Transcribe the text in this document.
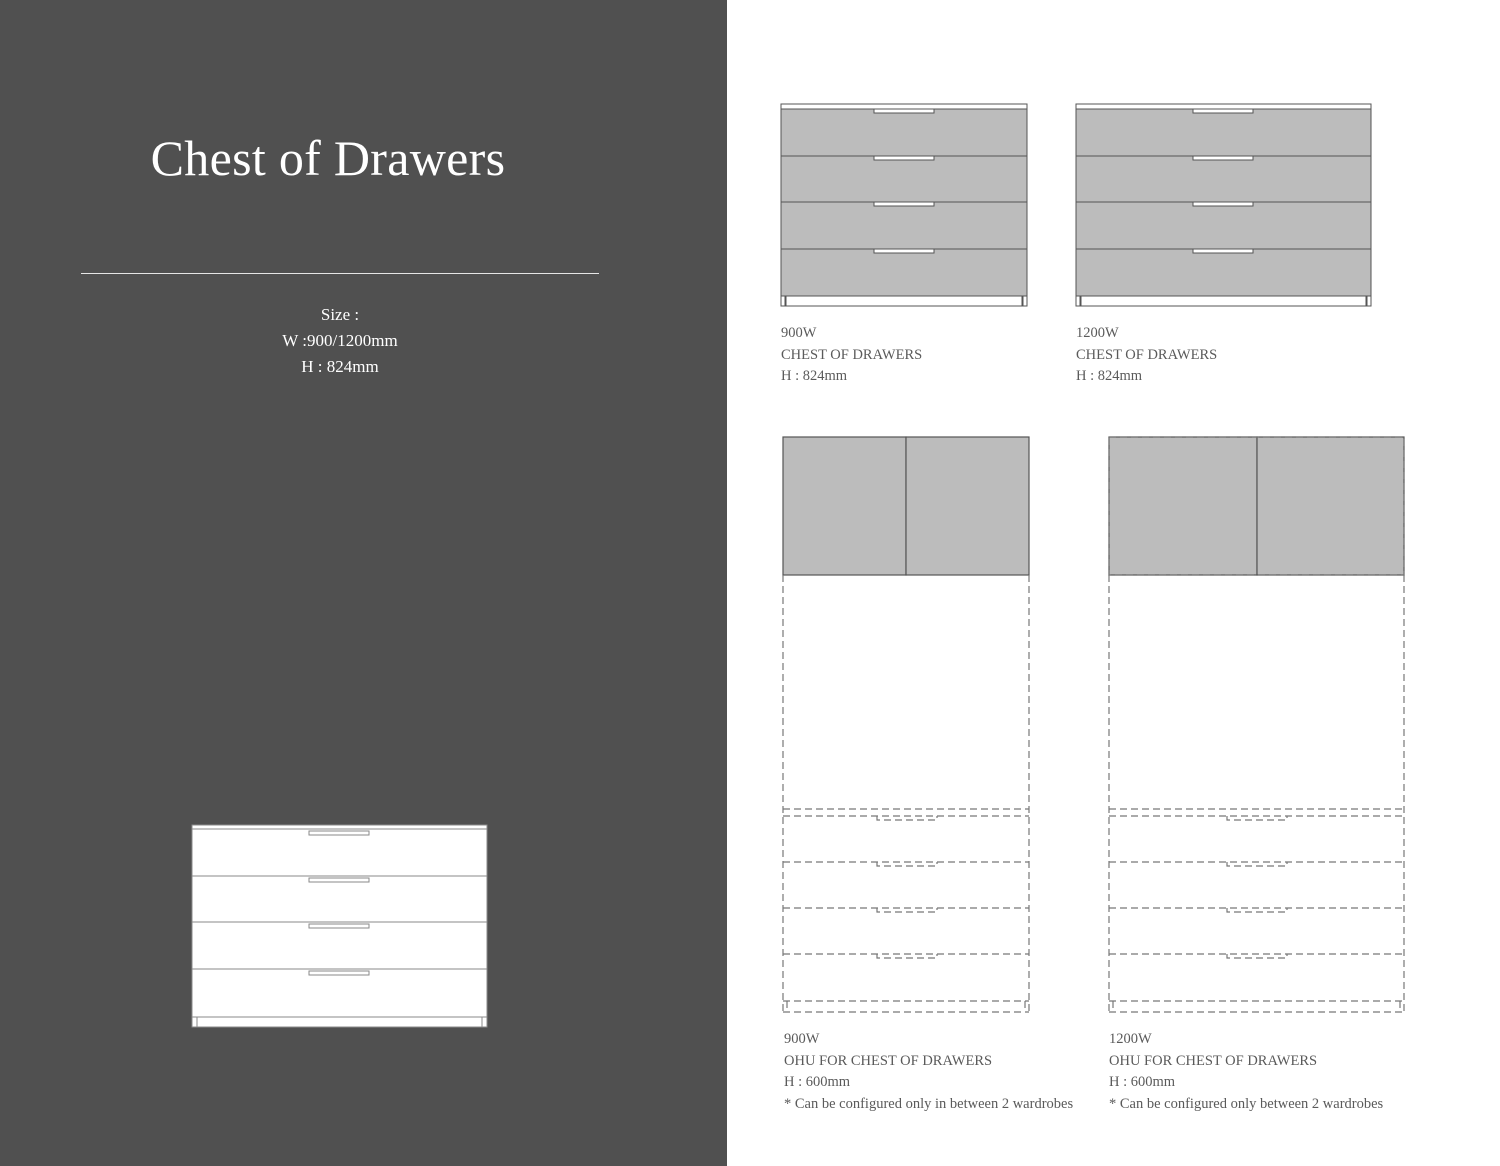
Chest of Drawers
Size :
W :900/1200mm
H : 824mm
900W
CHEST OF DRAWERS
H : 824mm
1200W
CHEST OF DRAWERS
H : 824mm
900W
OHU FOR CHEST OF DRAWERS
H : 600mm
* Can be configured only in between 2 wardrobes
1200W
OHU FOR CHEST OF DRAWERS
H : 600mm
* Can be configured only between 2 wardrobes
